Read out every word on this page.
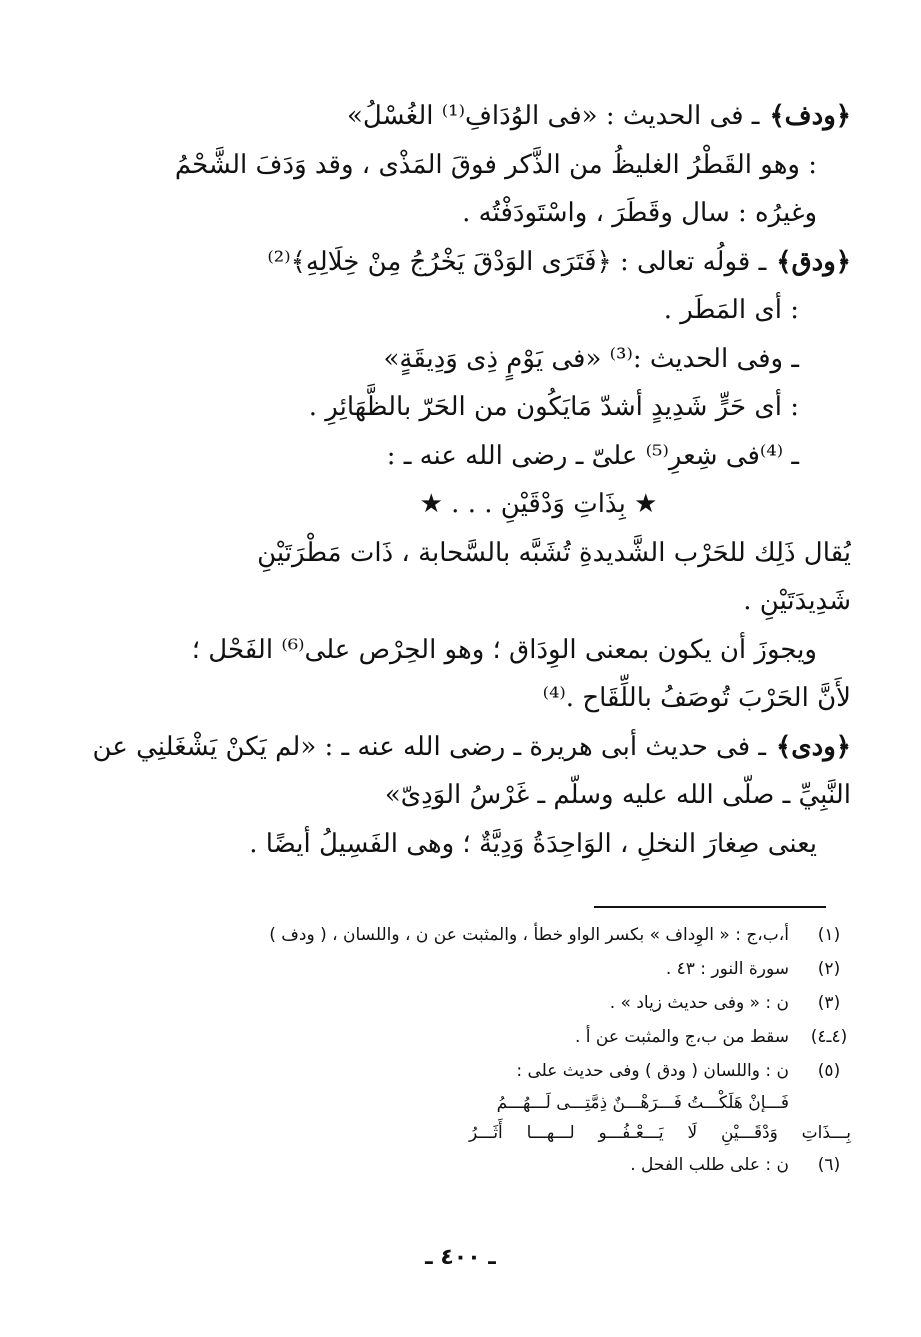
﴿ودف﴾ـ فى الحديث : «فى الوُدَافِ⁽¹⁾ الغُسْلُ»
: وهو القَطْرُ الغليظُ من الذَّكر فوقَ المَذْى ، وقد وَدَفَ الشَّحْمُ
وغيرُه : سال وقَطَرَ ، واسْتَودَفْتُه .
﴿ودق﴾ـ قولُه تعالى : ﴿فَتَرَى الوَدْقَ يَخْرُجُ مِنْ خِلَالِهِ﴾⁽²⁾
: أى المَطَر .
ـ وفى الحديث :⁽³⁾ «فى يَوْمٍ ذِى وَدِيقَةٍ»
: أى حَرٍّ شَدِيدٍ أشدّ مَايَكُون من الحَرّ بالظَّهَائِرِ .
ـ ⁽⁴⁾فى شِعرِ⁽⁵⁾ علىّ ـ رضى الله عنه ـ :
★ بِذَاتِ وَدْقَيْنِ . . . ★
يُقال ذَلِك للحَرْب الشَّديدةِ تُشَبَّه بالسَّحابة ، ذَات مَطْرَتَيْنِ
شَدِيدَتَيْنِ .
ويجوزَ أن يكون بمعنى الوِدَاق ؛ وهو الحِرْص على⁽⁶⁾ الفَحْل ؛
لأَنَّ الحَرْبَ تُوصَفُ باللِّقَاح .⁽⁴⁾
﴿ودى﴾ـ فى حديث أبى هريرة ـ رضى الله عنه ـ : «لم يَكنْ يَشْغَلنِي عن
النَّبِيِّ ـ صلّى الله عليه وسلّم ـ غَرْسُ الوَدِىّ»
يعنى صِغارَ النخلِ ، الوَاحِدَةُ وَدِيَّةٌ ؛ وهى الفَسِيلُ أيضًا .
(١)
أ،ب،ج : « الوِداف » بكسر الواو خطأ ، والمثبت عن ن ، واللسان ، ( ودف )
(٢)
سورة النور : ٤٣ .
(٣)
ن : « وفى حديث زياد » .
(٤ـ٤)
سقط من ب،ج والمثبت عن أ .
(٥)
ن : واللسان ( ودق ) وفى حديث على :
فَـــإنْ هَلَكْـــتُ فَـــرَهْـــنٌ ذِمَّتِـــى لَـــهُـــمُ
بِـــذَاتِ وَدْقَـــيْنِ لَا يَـــعْـفُـــو لـــهـــا أَثَـــرُ
(٦)
ن : على طلب الفحل .
ـ ٤٠٠ ـ
